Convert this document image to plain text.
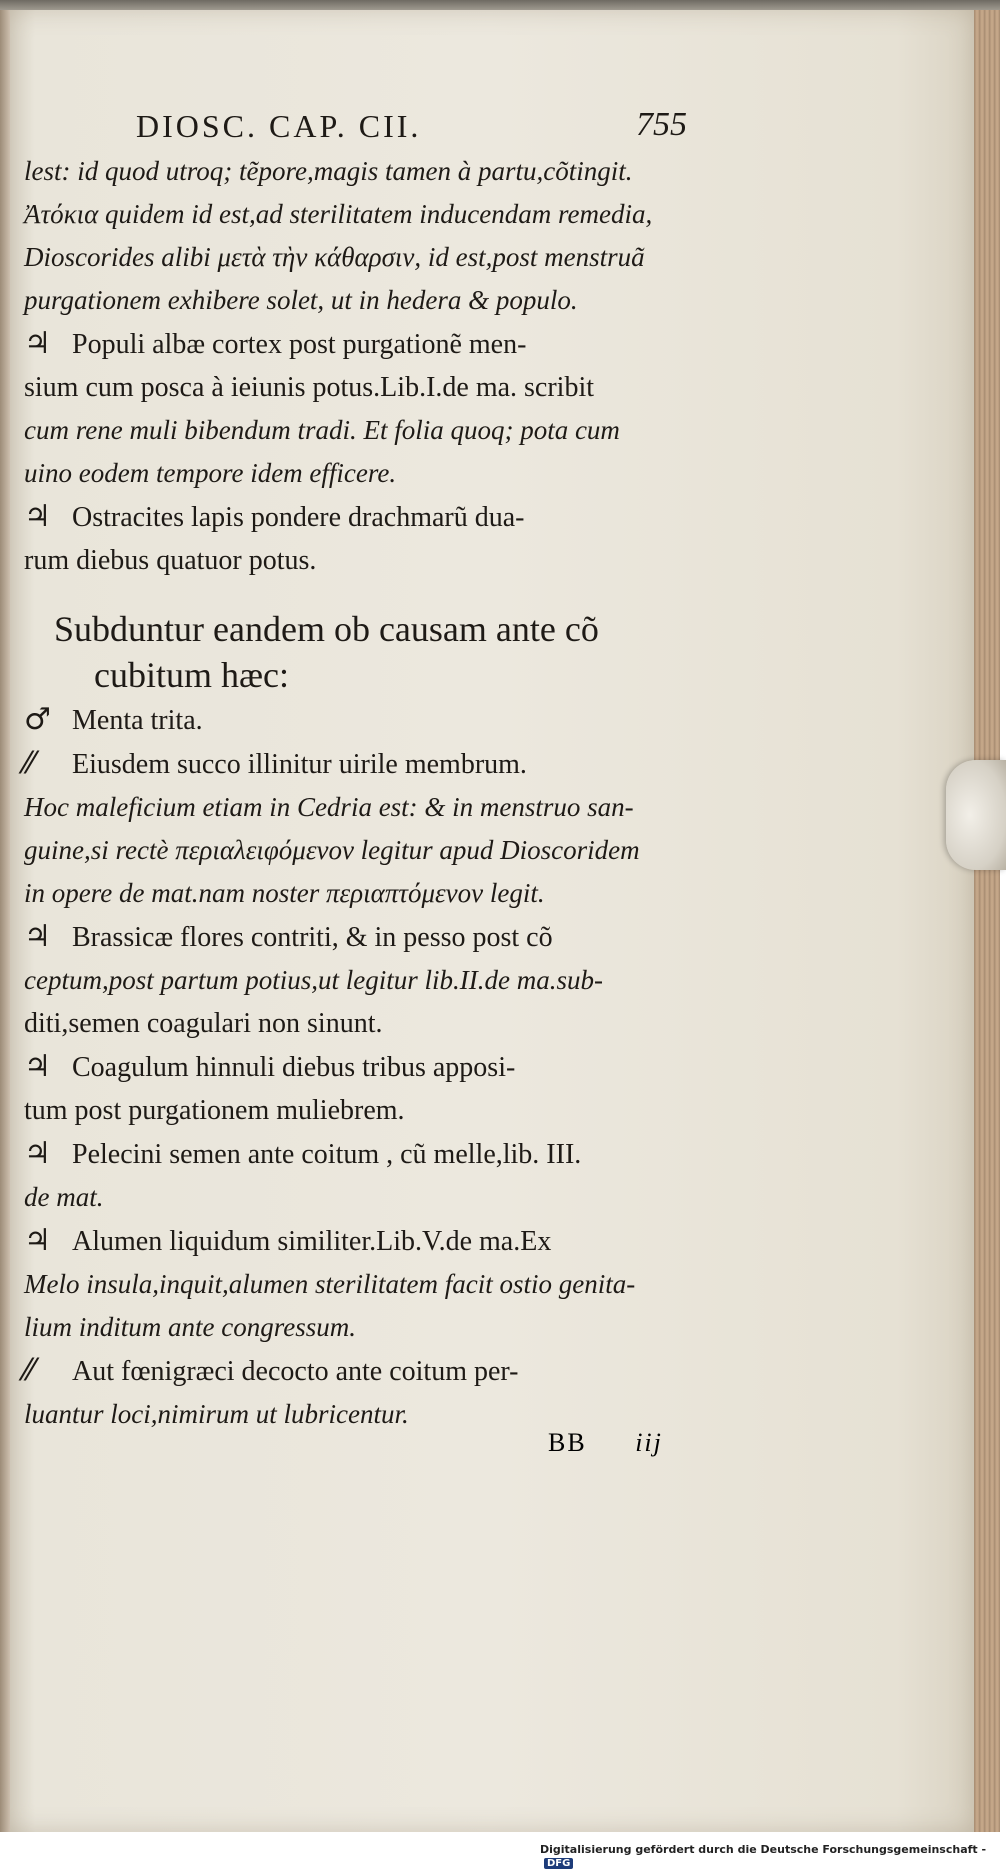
DIOSC. CAP. CII.	755
lest: id quod utroq; tẽpore,magis tamen à partu,cõtingit.
Ἀτόκια quidem id est,ad sterilitatem inducendam remedia,
Dioscorides alibi μετὰ τὴν κάθαρσιν, id est,post menstruã
purgationem exhibere solet, ut in hedera & populo.
♃ Populi albæ cortex post purgationẽ men-
sium cum posca à ieiunis potus.Lib.I.de ma. scribit
cum rene muli bibendum tradi. Et folia quoq; pota cum
uino eodem tempore idem efficere.
♃ Ostracites lapis pondere drachmarũ dua-
rum diebus quatuor potus.
Subduntur eandem ob causam ante cõ
cubitum hæc:
♂ Menta trita.
⁄⁄ Eiusdem succo illinitur uirile membrum.
Hoc maleficium etiam in Cedria est: & in menstruo san-
guine,si rectè περιαλειφόμενον legitur apud Dioscoridem
in opere de mat.nam noster περιαπτόμενον legit.
♃ Brassicæ flores contriti, & in pesso post cõ
ceptum,post partum potius,ut legitur lib.II.de ma.sub-
diti,semen coagulari non sinunt.
♃ Coagulum hinnuli diebus tribus apposi-
tum post purgationem muliebrem.
♃ Pelecini semen ante coitum , cũ melle,lib. III.
de mat.
♃ Alumen liquidum similiter.Lib.V.de ma.Ex
Melo insula,inquit,alumen sterilitatem facit ostio genita-
lium inditum ante congressum.
⁄⁄ Aut fœnigræci decocto ante coitum per-
luantur loci,nimirum ut lubricentur.
BB iij
Digitalisierung gefördert durch die Deutsche Forschungsgemeinschaft - DFG
